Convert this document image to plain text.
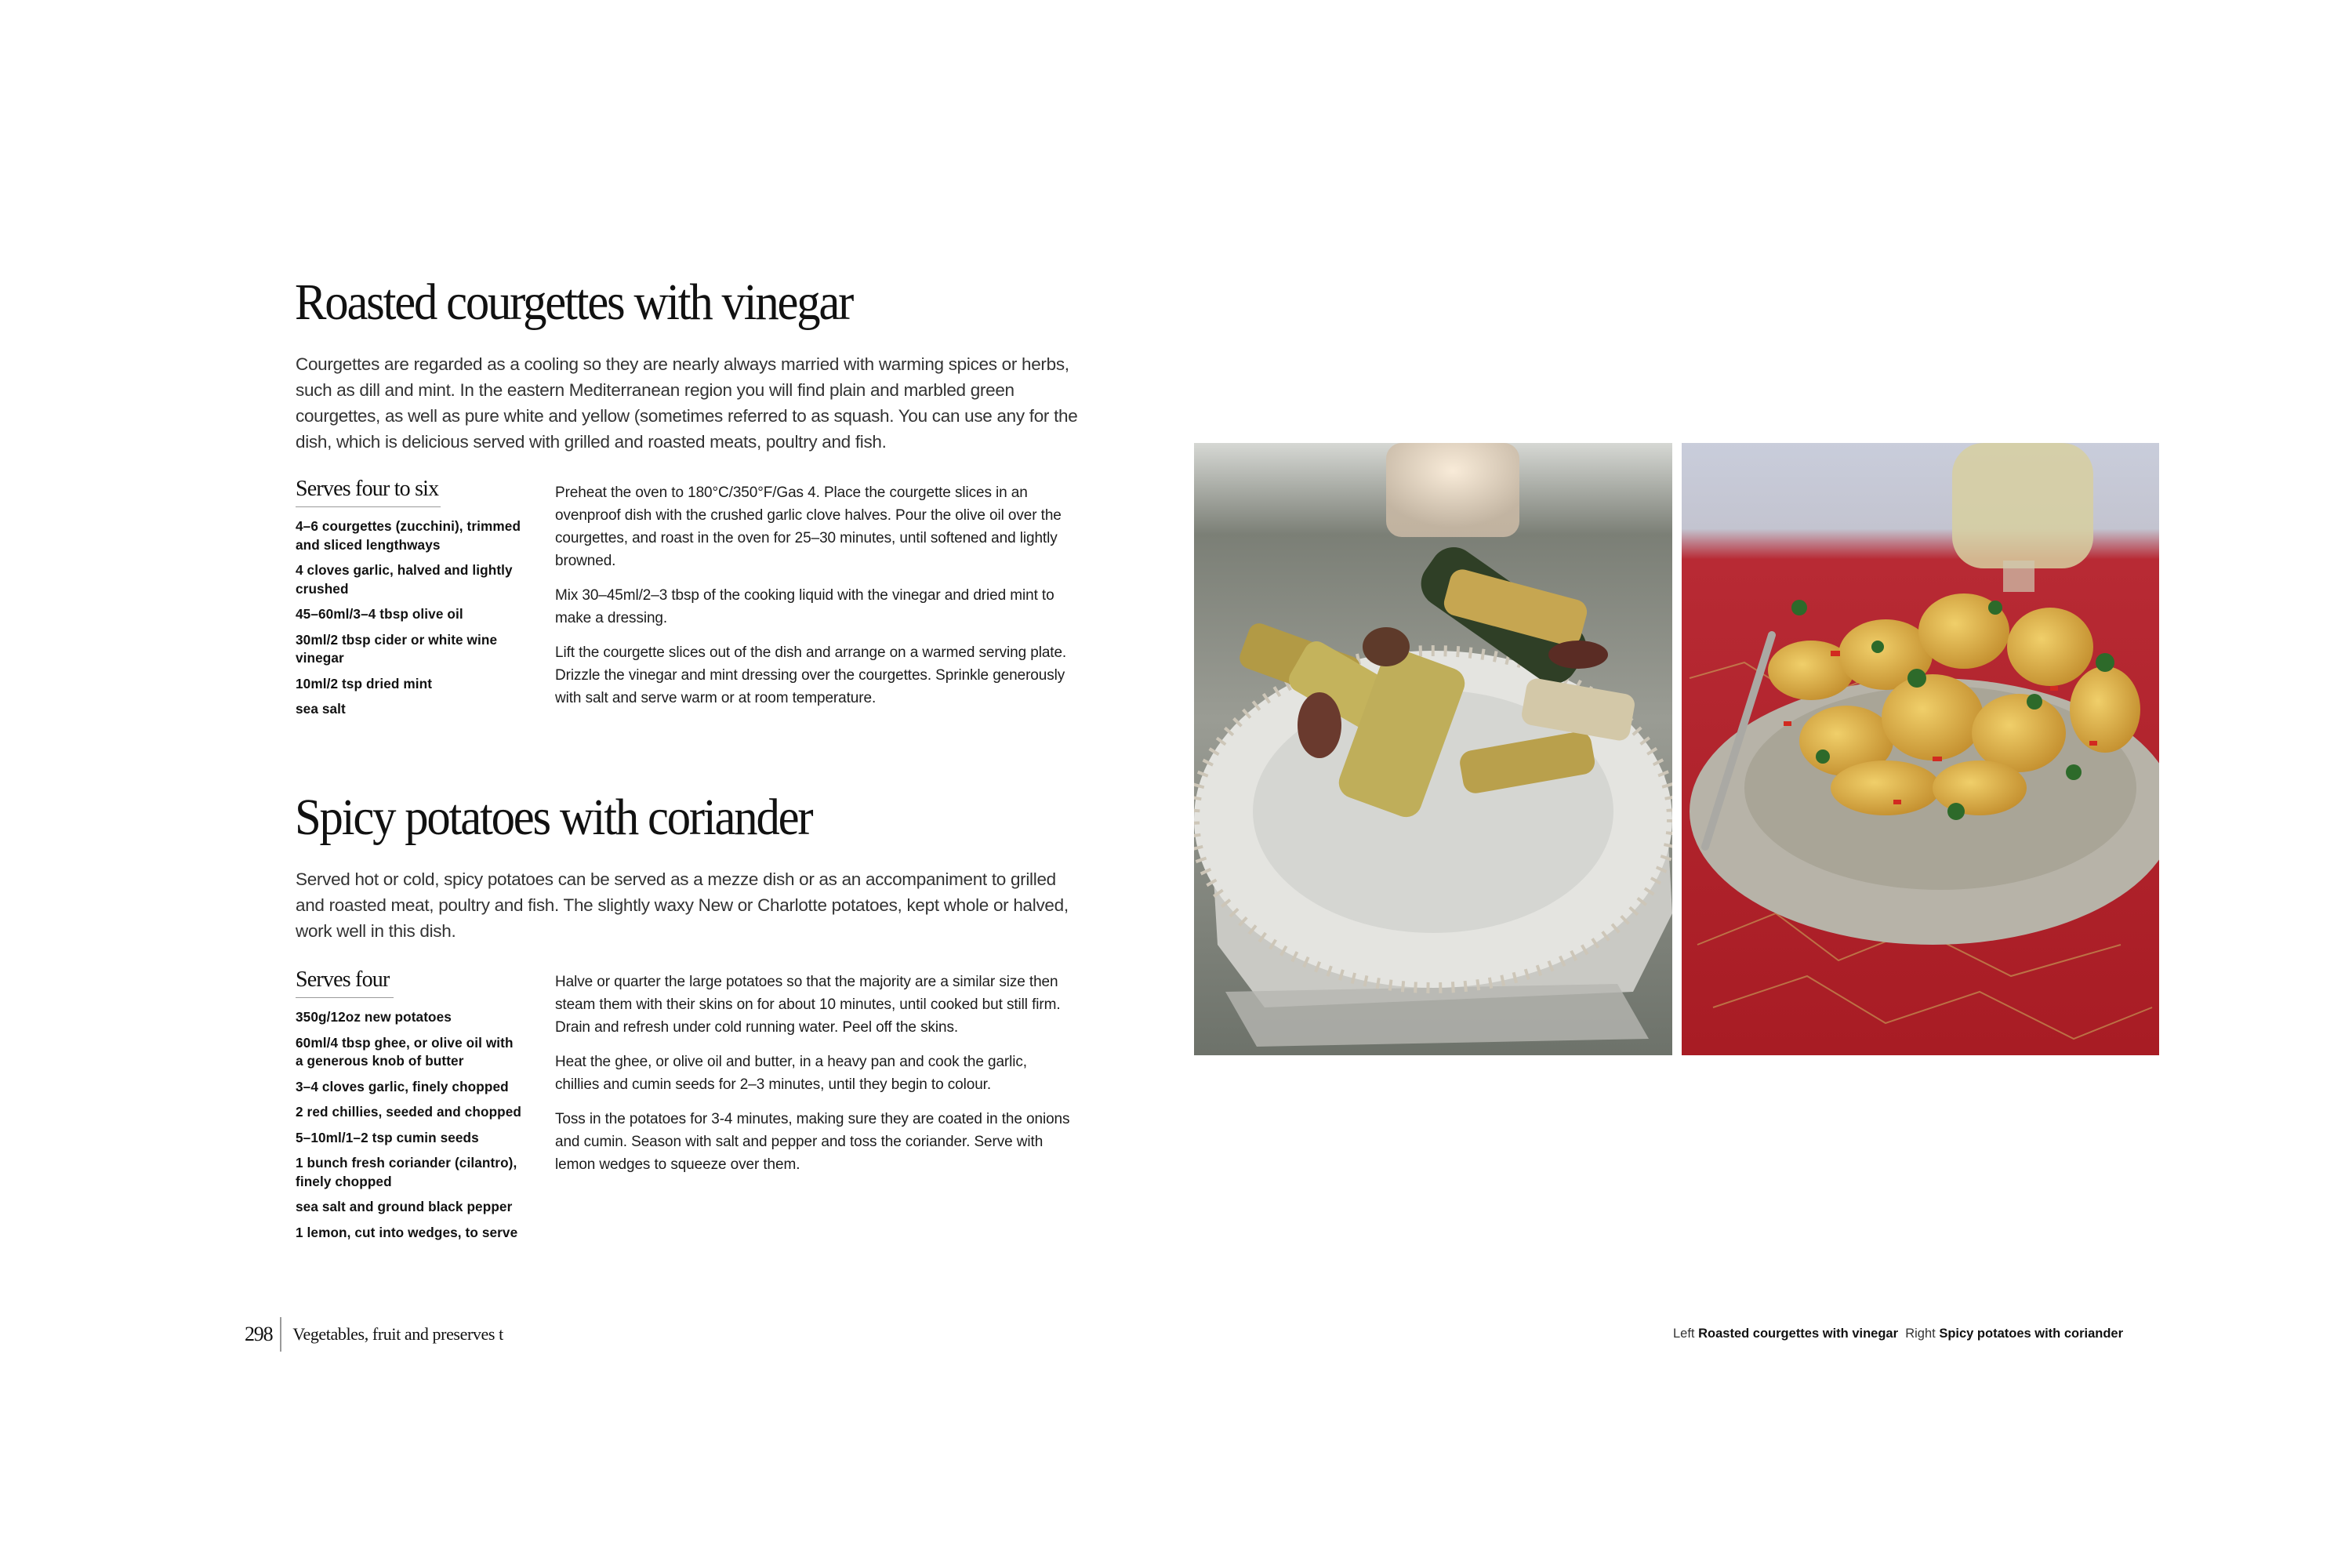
Roasted courgettes with vinegar

Courgettes are regarded as a cooling so they are nearly always married with warming spices or herbs, such as dill and mint. In the eastern Mediterranean region you will find plain and marbled green courgettes, as well as pure white and yellow (sometimes referred to as squash. You can use any for the dish, which is delicious served with grilled and roasted meats, poultry and fish.

Serves four to six
4–6 courgettes (zucchini), trimmed and sliced lengthways
4 cloves garlic, halved and lightly crushed
45–60ml/3–4 tbsp olive oil
30ml/2 tbsp cider or white wine vinegar
10ml/2 tsp dried mint
sea salt

Preheat the oven to 180°C/350°F/Gas 4. Place the courgette slices in an ovenproof dish with the crushed garlic clove halves. Pour the olive oil over the courgettes, and roast in the oven for 25–30 minutes, until softened and lightly browned.

Mix 30–45ml/2–3 tbsp of the cooking liquid with the vinegar and dried mint to make a dressing.

Lift the courgette slices out of the dish and arrange on a warmed serving plate. Drizzle the vinegar and mint dressing over the courgettes. Sprinkle generously with salt and serve warm or at room temperature.

Spicy potatoes with coriander

Served hot or cold, spicy potatoes can be served as a mezze dish or as an accompaniment to grilled and roasted meat, poultry and fish. The slightly waxy New or Charlotte potatoes, kept whole or halved, work well in this dish.

Serves four
350g/12oz new potatoes
60ml/4 tbsp ghee, or olive oil with a generous knob of butter
3–4 cloves garlic, finely chopped
2 red chillies, seeded and chopped
5–10ml/1–2 tsp cumin seeds
1 bunch fresh coriander (cilantro), finely chopped
sea salt and ground black pepper
1 lemon, cut into wedges, to serve

Halve or quarter the large potatoes so that the majority are a similar size then steam them with their skins on for about 10 minutes, until cooked but still firm. Drain and refresh under cold running water. Peel off the skins.

Heat the ghee, or olive oil and butter, in a heavy pan and cook the garlic, chillies and cumin seeds for 2–3 minutes, until they begin to colour.

Toss in the potatoes for 3-4 minutes, making sure they are coated in the onions and cumin. Season with salt and pepper and toss the coriander. Serve with lemon wedges to squeeze over them.

298	Vegetables, fruit and preserves t	Left Roasted courgettes with vinegar Right Spicy potatoes with coriander
